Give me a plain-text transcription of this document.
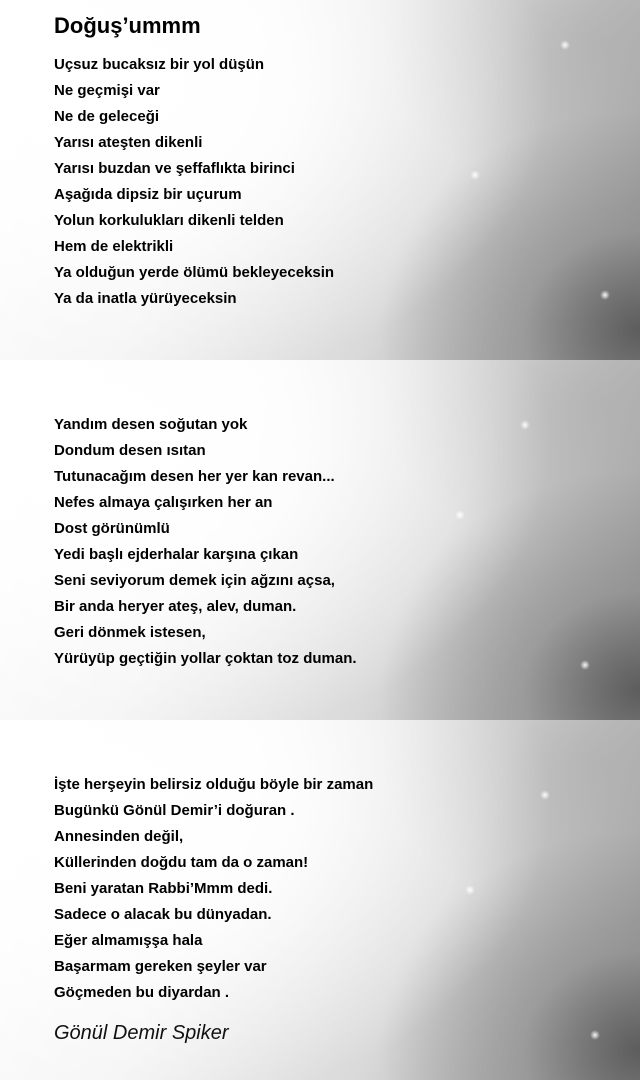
Doğuş’ummm
Uçsuz bucaksız bir yol düşün
Ne geçmişi var
Ne de geleceği
Yarısı ateşten dikenli
Yarısı buzdan ve şeffaflıkta birinci
Aşağıda dipsiz bir uçurum
Yolun korkulukları dikenli telden
Hem de elektrikli
Ya olduğun yerde ölümü bekleyeceksin
Ya da inatla yürüyeceksin
Yandım desen soğutan yok
Dondum desen ısıtan
Tutunacağım desen her yer kan revan...
Nefes almaya çalışırken her an
Dost görünümlü
Yedi başlı ejderhalar karşına çıkan
Seni seviyorum demek için ağzını açsa,
Bir anda heryer ateş, alev, duman.
Geri dönmek istesen,
Yürüyüp geçtiğin yollar çoktan toz duman.
İşte herşeyin belirsiz olduğu böyle bir zaman
Bugünkü Gönül Demir’i doğuran .
Annesinden değil,
Küllerinden doğdu tam da o zaman!
Beni yaratan Rabbi’Mmm dedi.
Sadece o alacak bu dünyadan.
Eğer almamışşa hala
Başarmam gereken şeyler var
Göçmeden bu diyardan .

Gönül Demir Spiker
